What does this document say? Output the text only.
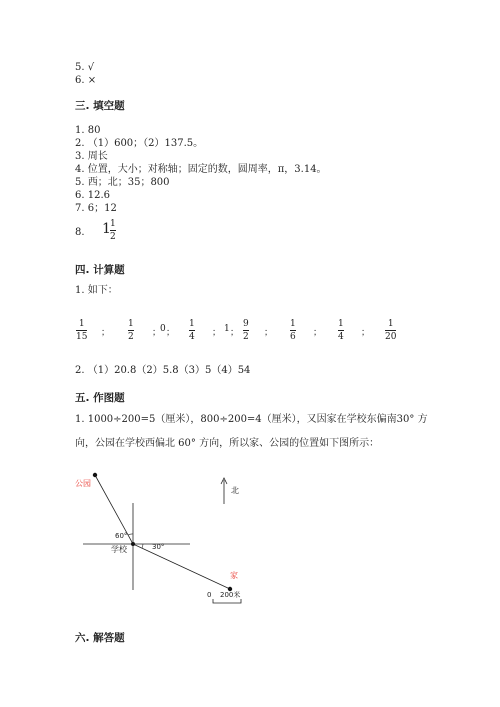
5. √
6. ×
三. 填空题
1. 80
2. （1）600；（2）137.5。
3. 周长
4. 位置，大小；对称轴；固定的数，圆周率，π，3.14。
5. 西；北；35；800
6. 12.6
7. 6；12
8. 1 1
2
四. 计算题
1. 如下：
1
15 ；
1
2 ；
0 ；
1
4 ； 1 ；
9
2 ；
1
6 ；
1
4 ；
1
20
2. （1）20.8（2）5.8（3）5（4）54
五. 作图题
1. 1000÷200=5（厘米），800÷200=4（厘米），又因家在学校东偏南30° 方
向，公园在学校西偏北 60° 方向，所以家、公园的位置如下图所示：
公园
学校
家
60°
30°
北
0 200米
六. 解答题
